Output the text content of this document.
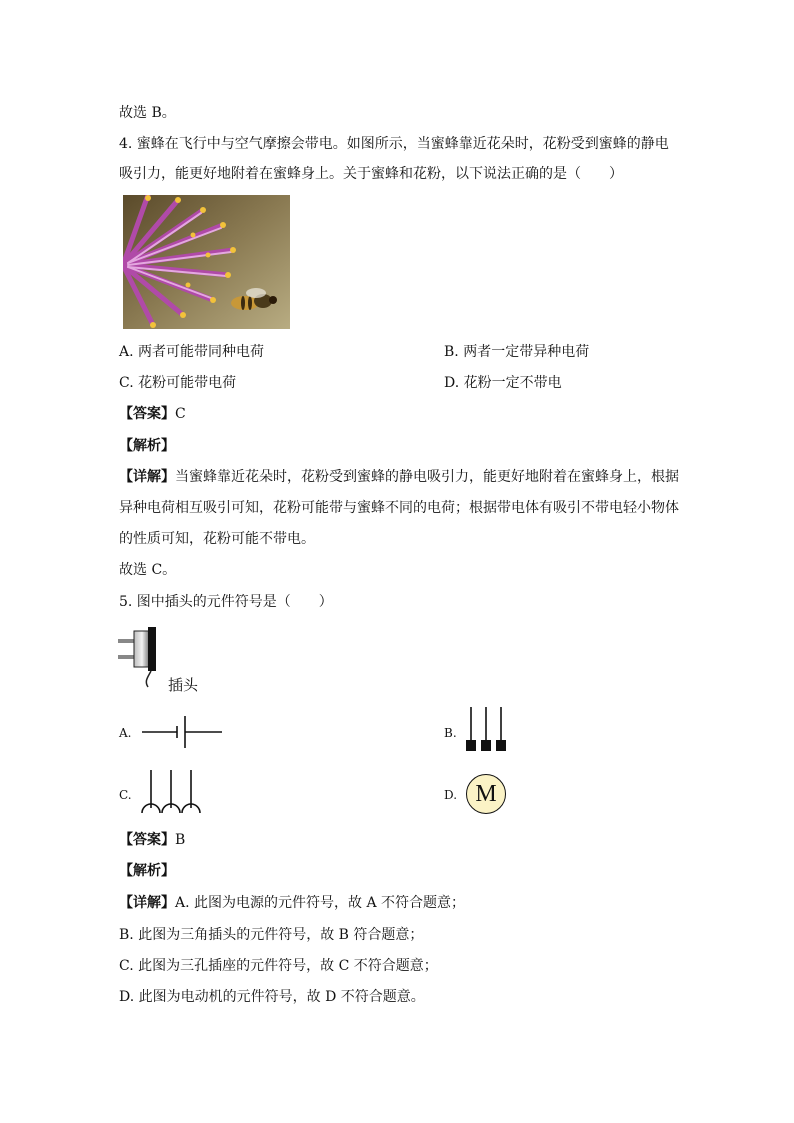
故选 B。
4. 蜜蜂在飞行中与空气摩擦会带电。如图所示，当蜜蜂靠近花朵时，花粉受到蜜蜂的静电
吸引力，能更好地附着在蜜蜂身上。关于蜜蜂和花粉，以下说法正确的是（　　）
A. 两者可能带同种电荷	B. 两者一定带异种电荷
C. 花粉可能带电荷	D. 花粉一定不带电
【答案】C
【解析】
【详解】当蜜蜂靠近花朵时，花粉受到蜜蜂的静电吸引力，能更好地附着在蜜蜂身上，根据
异种电荷相互吸引可知，花粉可能带与蜜蜂不同的电荷；根据带电体有吸引不带电轻小物体
的性质可知，花粉可能不带电。
故选 C。
5. 图中插头的元件符号是（　　）
插头
A.	B.
C.	D. M
【答案】B
【解析】
【详解】A. 此图为电源的元件符号，故 A 不符合题意；
B. 此图为三角插头的元件符号，故 B 符合题意；
C. 此图为三孔插座的元件符号，故 C 不符合题意；
D. 此图为电动机的元件符号，故 D 不符合题意。
